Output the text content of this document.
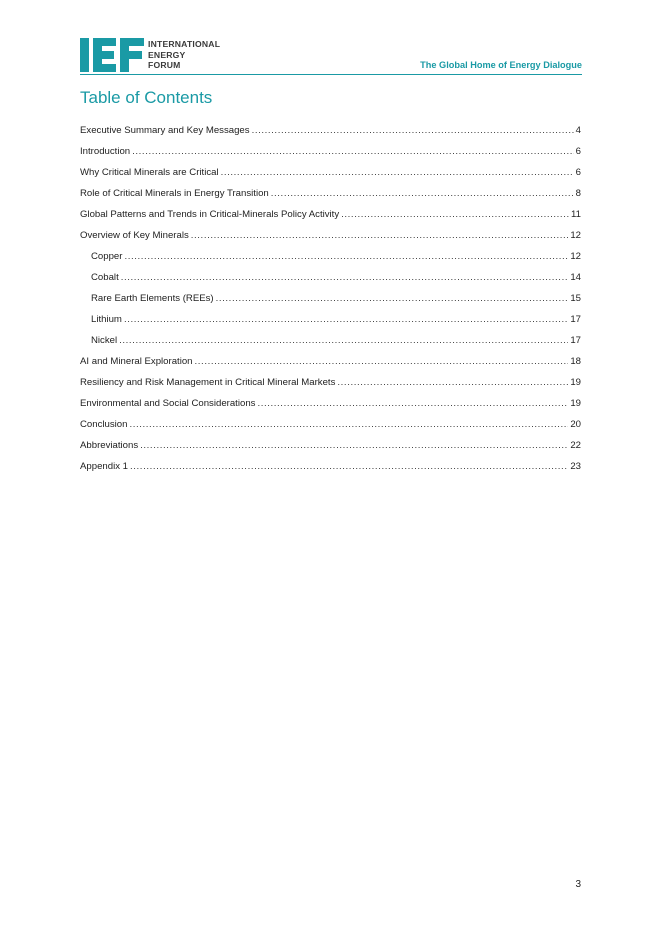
INTERNATIONAL
ENERGY
FORUM	The Global Home of Energy Dialogue
Table of Contents
Executive Summary and Key Messages .....	4
Introduction .....	6
Why Critical Minerals are Critical .....	6
Role of Critical Minerals in Energy Transition .....	8
Global Patterns and Trends in Critical-Minerals Policy Activity .....	11
Overview of Key Minerals .....	12
Copper .....	12
Cobalt .....	14
Rare Earth Elements (REEs) .....	15
Lithium .....	17
Nickel .....	17
AI and Mineral Exploration .....	18
Resiliency and Risk Management in Critical Mineral Markets .....	19
Environmental and Social Considerations .....	19
Conclusion .....	20
Abbreviations .....	22
Appendix 1 .....	23
3
